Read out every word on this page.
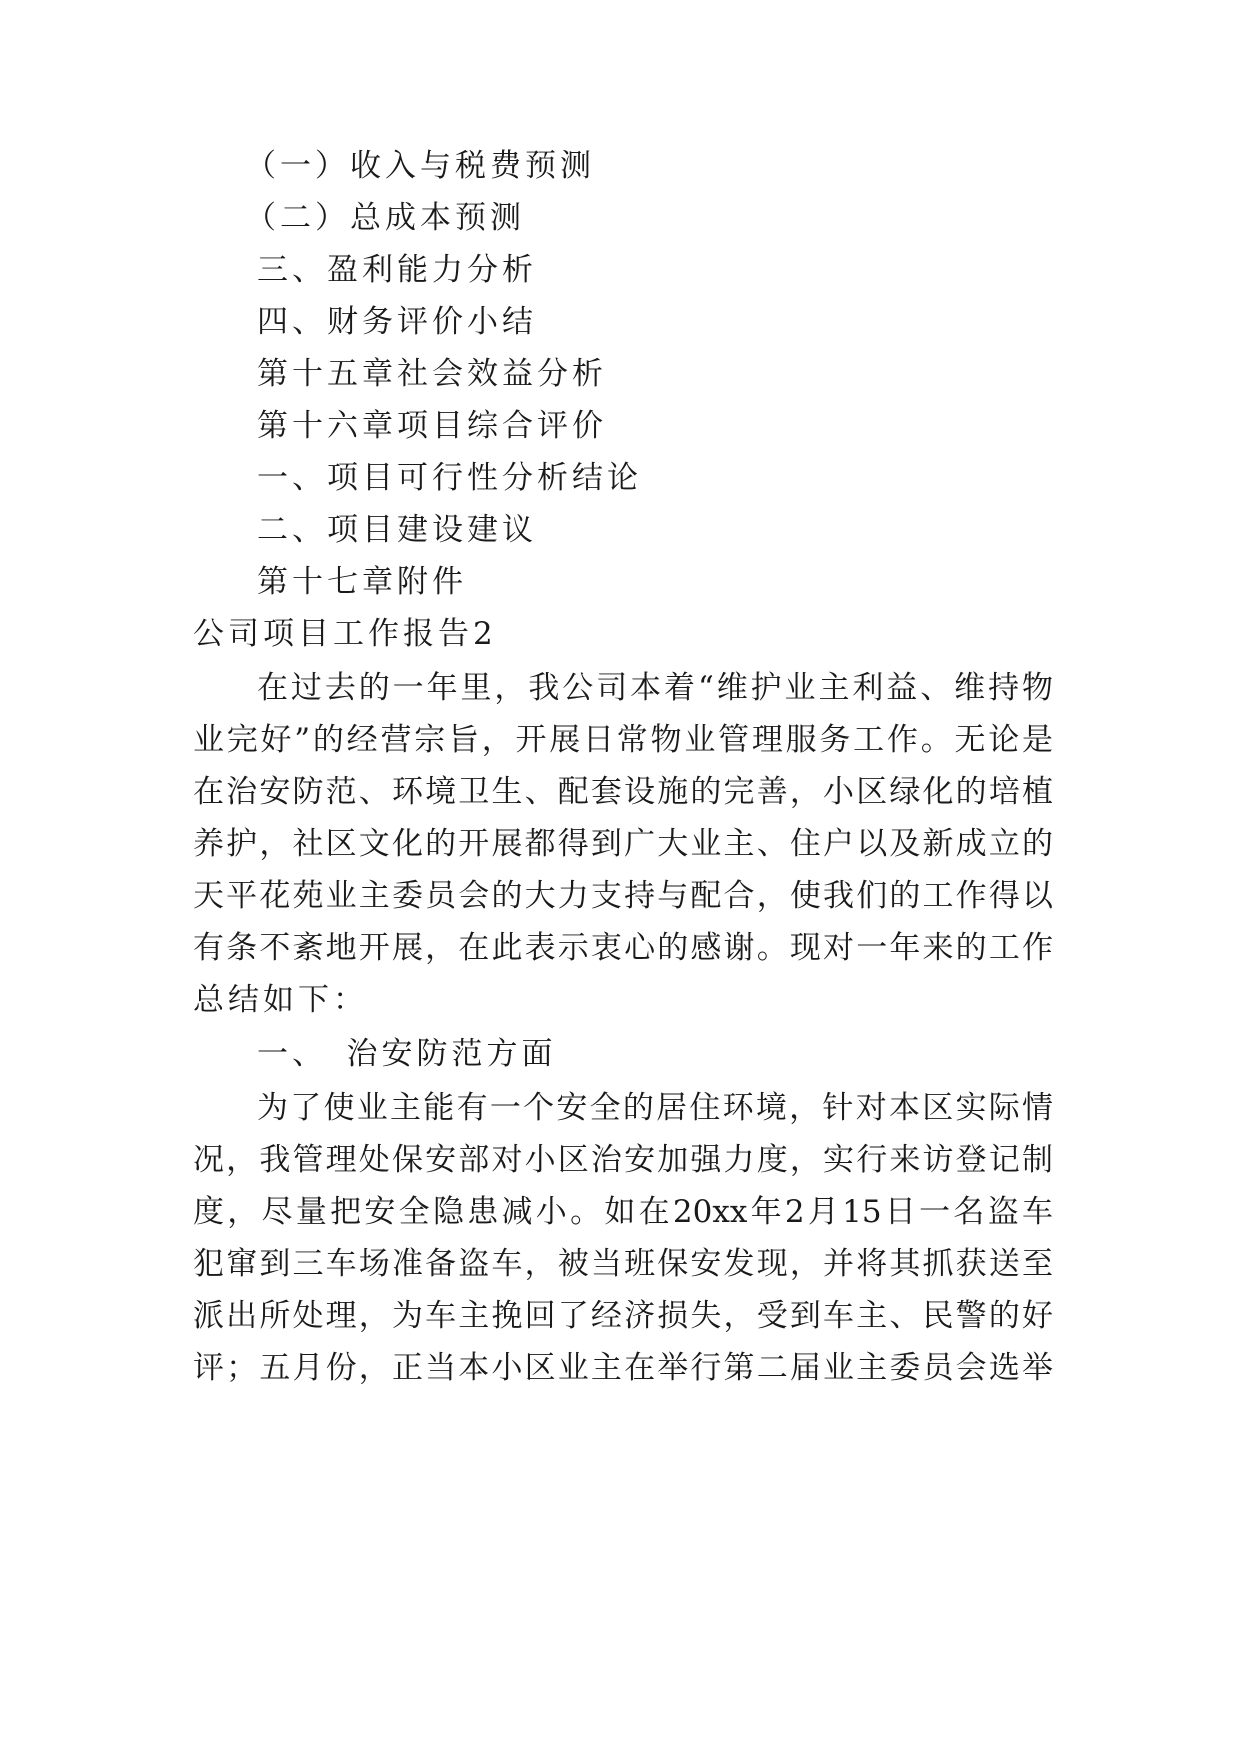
（一）收入与税费预测
（二）总成本预测
三、盈利能力分析
四、财务评价小结
第十五章社会效益分析
第十六章项目综合评价
一、项目可行性分析结论
二、项目建设建议
第十七章附件
公司项目工作报告2
在过去的一年里，我公司本着“维护业主利益、维持物
业完好”的经营宗旨，开展日常物业管理服务工作。无论是
在治安防范、环境卫生、配套设施的完善，小区绿化的培植
养护，社区文化的开展都得到广大业主、住户以及新成立的
天平花苑业主委员会的大力支持与配合，使我们的工作得以
有条不紊地开展，在此表示衷心的感谢。现对一年来的工作
总结如下：
一、　治安防范方面
为了使业主能有一个安全的居住环境，针对本区实际情
况，我管理处保安部对小区治安加强力度，实行来访登记制
度，尽量把安全隐患减小。如在20xx年2月15日一名盗车
犯窜到三车场准备盗车，被当班保安发现，并将其抓获送至
派出所处理，为车主挽回了经济损失，受到车主、民警的好
评；五月份，正当本小区业主在举行第二届业主委员会选举
